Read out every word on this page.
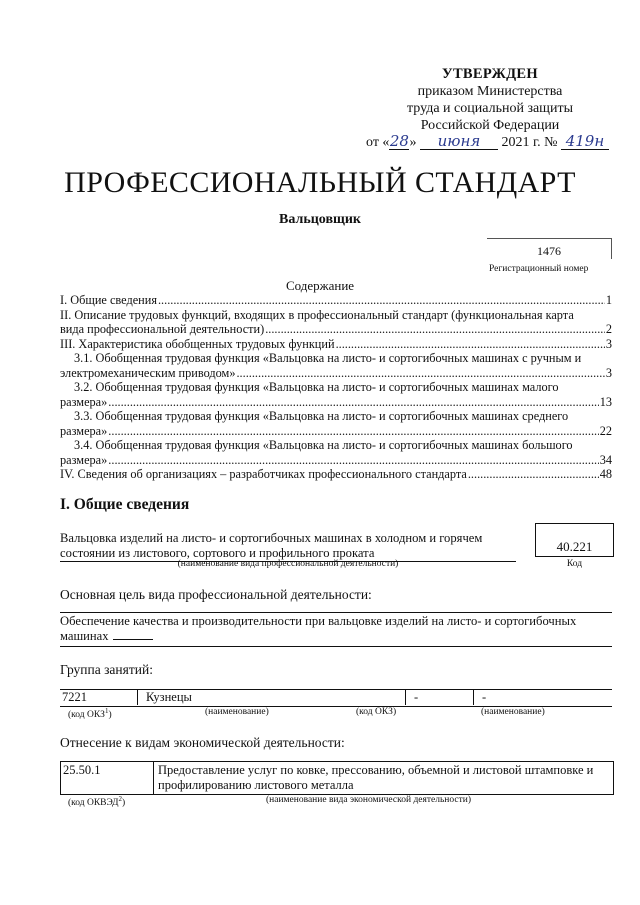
УТВЕРЖДЕН
приказом Министерства
труда и социальной защиты
Российской Федерации
от «28» июня 2021 г. № 419н
ПРОФЕССИОНАЛЬНЫЙ СТАНДАРТ
Вальцовщик
1476
Регистрационный номер
Содержание
I. Общие сведения .....	1
II. Описание трудовых функций, входящих в профессиональный стандарт (функциональная карта
вида профессиональной деятельности) .....	2
III. Характеристика обобщенных трудовых функций .....	3
3.1. Обобщенная трудовая функция «Вальцовка на листо- и сортогибочных машинах с ручным и
электромеханическим приводом» .....	3
3.2. Обобщенная трудовая функция «Вальцовка на листо- и сортогибочных машинах малого
размера» .....	13
3.3. Обобщенная трудовая функция «Вальцовка на листо- и сортогибочных машинах среднего
размера» .....	22
3.4. Обобщенная трудовая функция «Вальцовка на листо- и сортогибочных машинах большого
размера» .....	34
IV. Сведения об организациях – разработчиках профессионального стандарта .....	48
I. Общие сведения
Вальцовка изделий на листо- и сортогибочных машинах в холодном и горячем
состоянии из листового, сортового и профильного проката
(наименование вида профессиональной деятельности)
40.221
Код
Основная цель вида профессиональной деятельности:
Обеспечение качества и производительности при вальцовке изделий на листо- и сортогибочных
машинах
Группа занятий:
7221	Кузнецы	-	-
(код ОКЗ$^1$)	(наименование)	(код ОКЗ)	(наименование)
Отнесение к видам экономической деятельности:
25.50.1	Предоставление услуг по ковке, прессованию, объемной и листовой штамповке и
профилированию листового металла
(код ОКВЭД$^2$)	(наименование вида экономической деятельности)
